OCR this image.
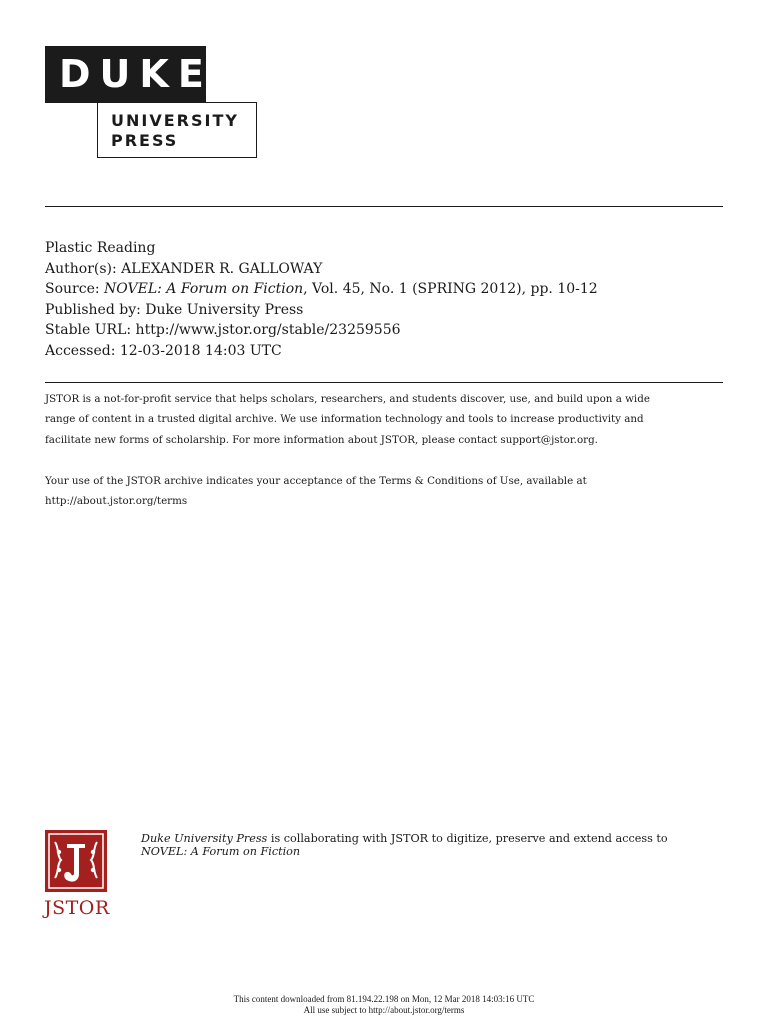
DUKE
UNIVERSITY
PRESS
Plastic Reading
Author(s): ALEXANDER R. GALLOWAY
Source: NOVEL: A Forum on Fiction, Vol. 45, No. 1 (SPRING 2012), pp. 10-12
Published by: Duke University Press
Stable URL: http://www.jstor.org/stable/23259556
Accessed: 12-03-2018 14:03 UTC
JSTOR is a not-for-profit service that helps scholars, researchers, and students discover, use, and build upon a wide
range of content in a trusted digital archive. We use information technology and tools to increase productivity and
facilitate new forms of scholarship. For more information about JSTOR, please contact support@jstor.org.
Your use of the JSTOR archive indicates your acceptance of the Terms & Conditions of Use, available at
http://about.jstor.org/terms
JSTOR
Duke University Press is collaborating with JSTOR to digitize, preserve and extend access to
NOVEL: A Forum on Fiction
This content downloaded from 81.194.22.198 on Mon, 12 Mar 2018 14:03:16 UTC
All use subject to http://about.jstor.org/terms
